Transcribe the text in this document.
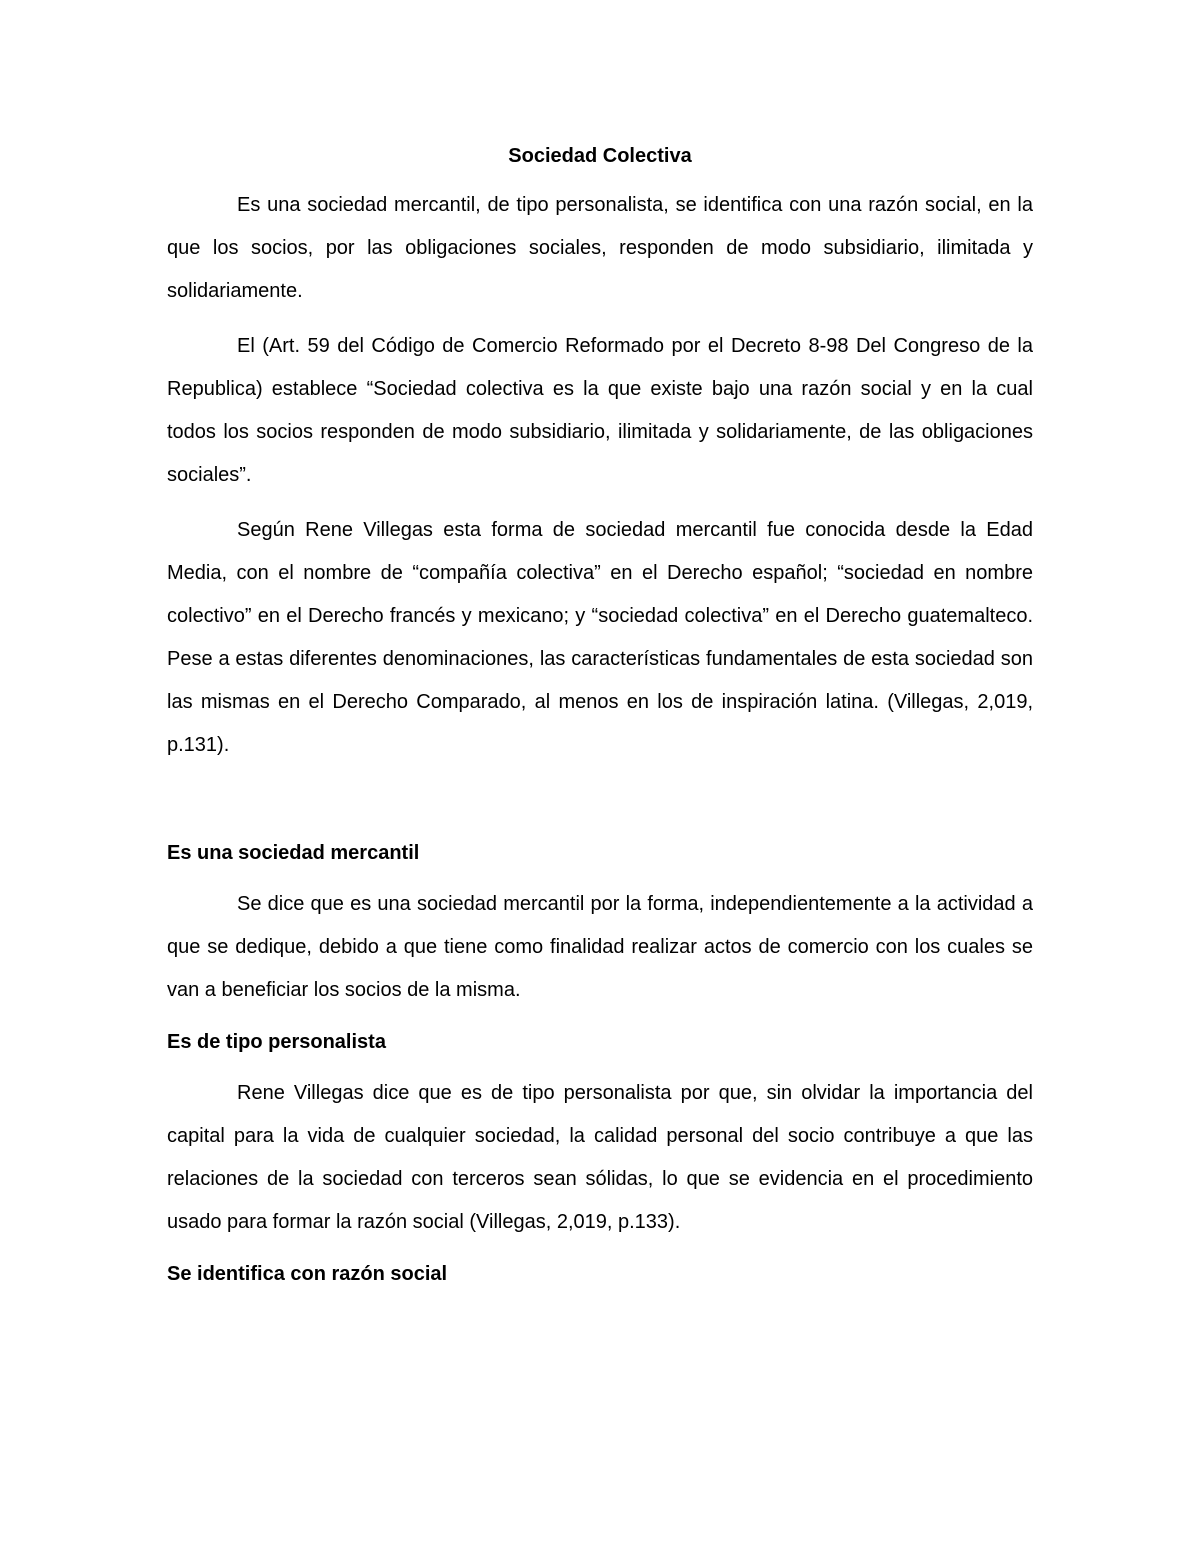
Sociedad Colectiva

Es una sociedad mercantil, de tipo personalista, se identifica con una razón social, en la que los socios, por las obligaciones sociales, responden de modo subsidiario, ilimitada y solidariamente.

El (Art. 59 del Código de Comercio Reformado por el Decreto 8-98 Del Congreso de la Republica) establece “Sociedad colectiva es la que existe bajo una razón social y en la cual todos los socios responden de modo subsidiario, ilimitada y solidariamente, de las obligaciones sociales”.

Según Rene Villegas esta forma de sociedad mercantil fue conocida desde la Edad Media, con el nombre de “compañía colectiva” en el Derecho español; “sociedad en nombre colectivo” en el Derecho francés y mexicano; y “sociedad colectiva” en el Derecho guatemalteco. Pese a estas diferentes denominaciones, las características fundamentales de esta sociedad son las mismas en el Derecho Comparado, al menos en los de inspiración latina. (Villegas, 2,019, p.131).

Es una sociedad mercantil

Se dice que es una sociedad mercantil por la forma, independientemente a la actividad a que se dedique, debido a que tiene como finalidad realizar actos de comercio con los cuales se van a beneficiar los socios de la misma.

Es de tipo personalista

Rene Villegas dice que es de tipo personalista por que, sin olvidar la importancia del capital para la vida de cualquier sociedad, la calidad personal del socio contribuye a que las relaciones de la sociedad con terceros sean sólidas, lo que se evidencia en el procedimiento usado para formar la razón social (Villegas, 2,019, p.133).

Se identifica con razón social
